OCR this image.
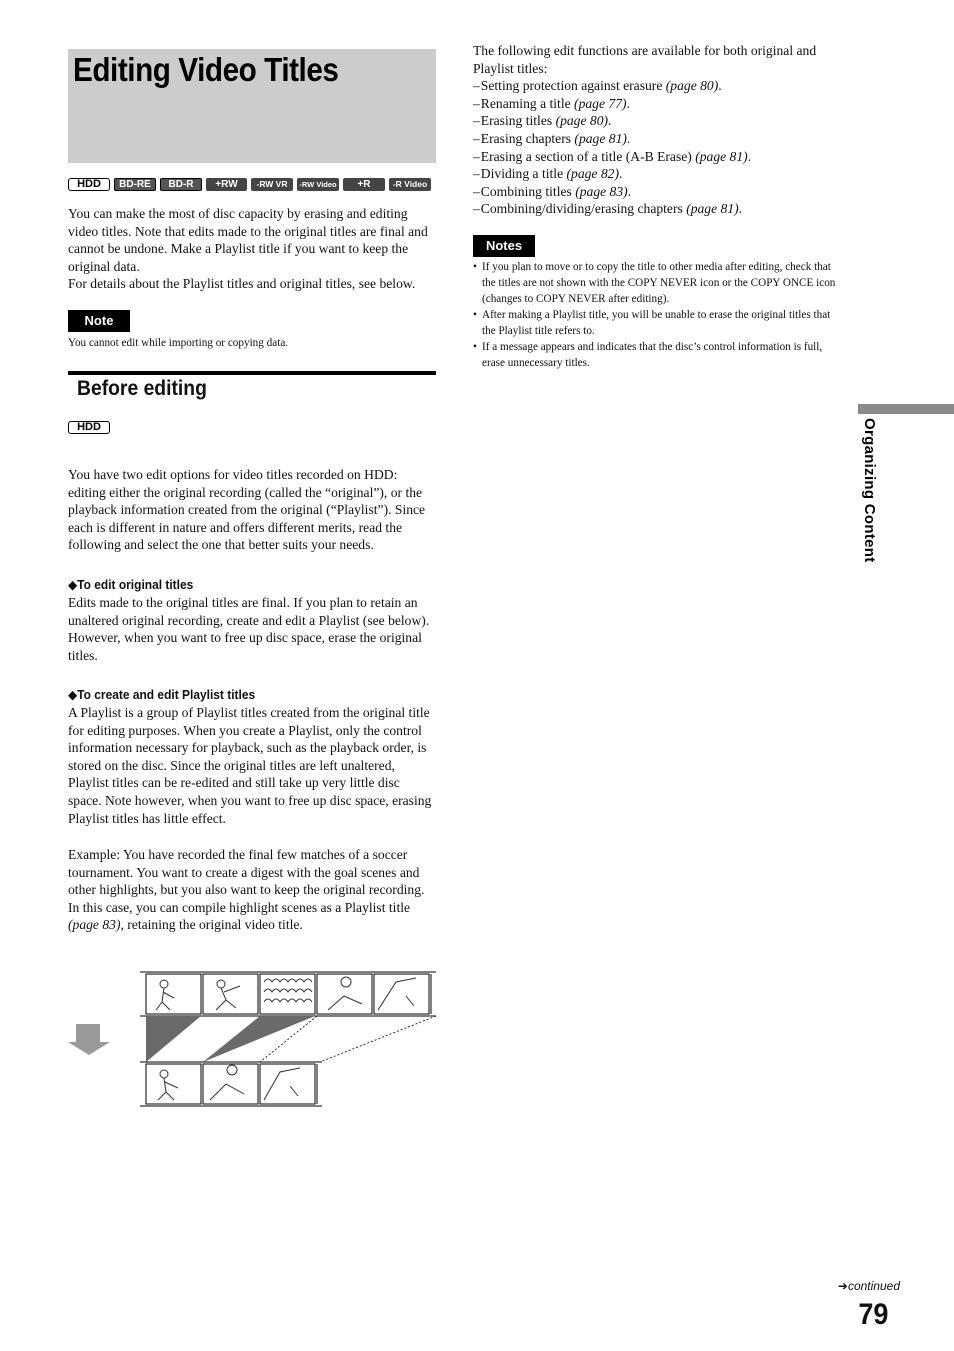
Editing Video Titles
HDD	BD-RE	BD-R	+RW	-RW VR	-RW Video	+R	-R Video

You can make the most of disc capacity by erasing and editing video titles. Note that edits made to the original titles are final and cannot be undone. Make a Playlist title if you want to keep the original data.

For details about the Playlist titles and original titles, see below.

Note
You cannot edit while importing or copying data.
Before editing
HDD

You have two edit options for video titles recorded on HDD: editing either the original recording (called the “original”), or the playback information created from the original (“Playlist”). Since each is different in nature and offers different merits, read the following and select the one that better suits your needs.

◆To edit original titles

Edits made to the original titles are final. If you plan to retain an unaltered original recording, create and edit a Playlist (see below). However, when you want to free up disc space, erase the original titles.

◆To create and edit Playlist titles

A Playlist is a group of Playlist titles created from the original title for editing purposes. When you create a Playlist, only the control information necessary for playback, such as the playback order, is stored on the disc. Since the original titles are left unaltered, Playlist titles can be re-edited and still take up very little disc space. Note however, when you want to free up disc space, erasing Playlist titles has little effect.

Example: You have recorded the final few matches of a soccer tournament. You want to create a digest with the goal scenes and other highlights, but you also want to keep the original recording.

In this case, you can compile highlight scenes as a Playlist title (page 83), retaining the original video title.

The following edit functions are available for both original and Playlist titles:

– Setting protection against erasure (page 80).
– Renaming a title (page 77).
– Erasing titles (page 80).
– Erasing chapters (page 81).
– Erasing a section of a title (A-B Erase) (page 81).
– Dividing a title (page 82).
– Combining titles (page 83).
– Combining/dividing/erasing chapters (page 81).
Notes
• If you plan to move or to copy the title to other media after editing, check that the titles are not shown with the COPY NEVER icon or the COPY ONCE icon (changes to COPY NEVER after editing).
• After making a Playlist title, you will be unable to erase the original titles that the Playlist title refers to.
• If a message appears and indicates that the disc’s control information is full, erase unnecessary titles.
Organizing Content
➜continued
79
